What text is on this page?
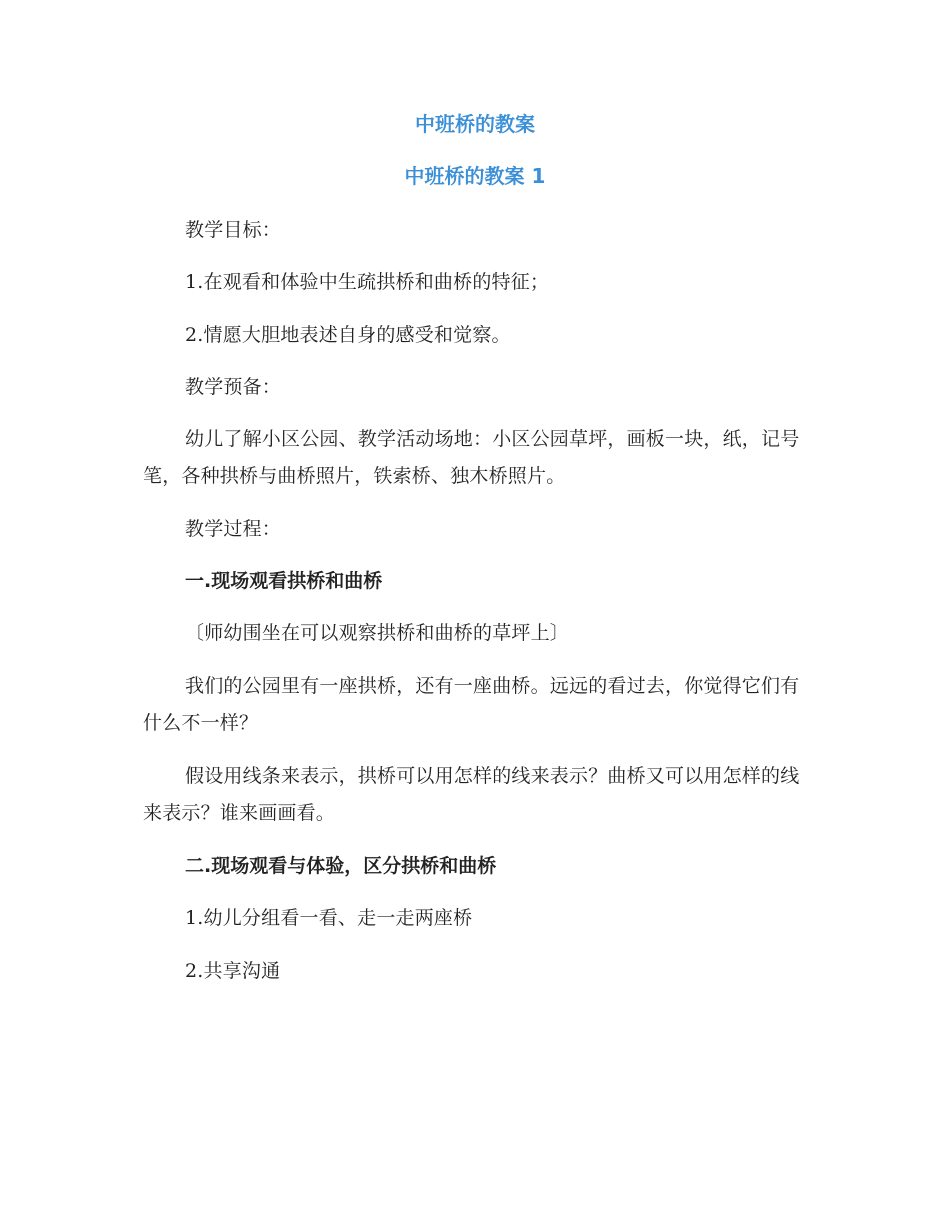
中班桥的教案
中班桥的教案 1

教学目标：

1.在观看和体验中生疏拱桥和曲桥的特征；

2.情愿大胆地表述自身的感受和觉察。

教学预备：

幼儿了解小区公园、教学活动场地：小区公园草坪，画板一块，纸，记号笔，各种拱桥与曲桥照片，铁索桥、独木桥照片。

教学过程：

一.现场观看拱桥和曲桥

〔师幼围坐在可以观察拱桥和曲桥的草坪上〕

我们的公园里有一座拱桥，还有一座曲桥。远远的看过去，你觉得它们有什么不一样？

假设用线条来表示，拱桥可以用怎样的线来表示？曲桥又可以用怎样的线来表示？谁来画画看。

二.现场观看与体验，区分拱桥和曲桥

1.幼儿分组看一看、走一走两座桥

2.共享沟通
